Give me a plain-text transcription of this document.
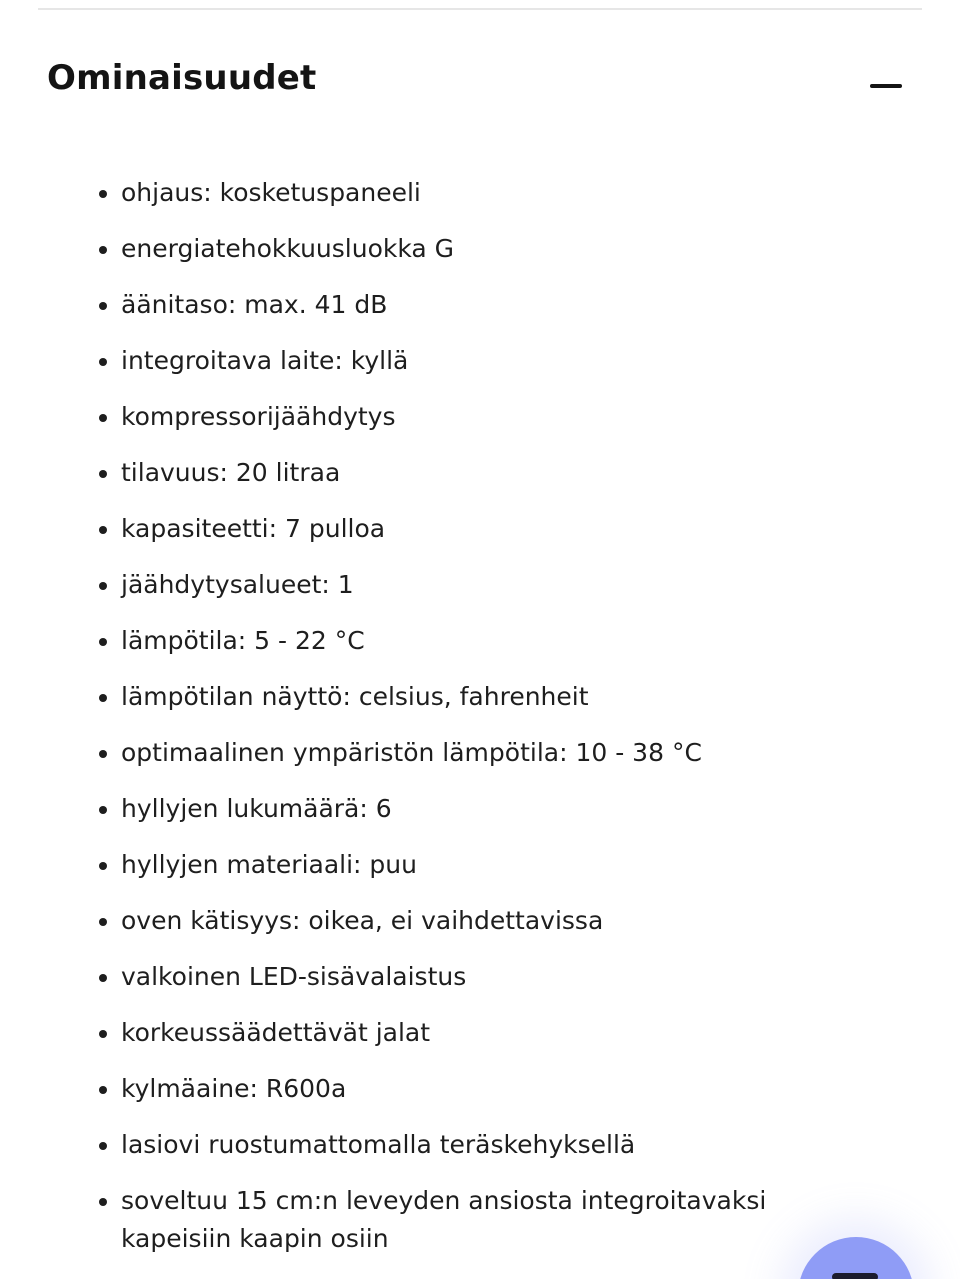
Ominaisuudet
ohjaus: kosketuspaneeli
energiatehokkuusluokka G
äänitaso: max. 41 dB
integroitava laite: kyllä
kompressorijäähdytys
tilavuus: 20 litraa
kapasiteetti: 7 pulloa
jäähdytysalueet: 1
lämpötila: 5 - 22 °C
lämpötilan näyttö: celsius, fahrenheit
optimaalinen ympäristön lämpötila: 10 - 38 °C
hyllyjen lukumäärä: 6
hyllyjen materiaali: puu
oven kätisyys: oikea, ei vaihdettavissa
valkoinen LED-sisävalaistus
korkeussäädettävät jalat
kylmäaine: R600a
lasiovi ruostumattomalla teräskehyksellä
soveltuu 15 cm:n leveyden ansiosta integroitavaksi kapeisiin kaapin osiin
